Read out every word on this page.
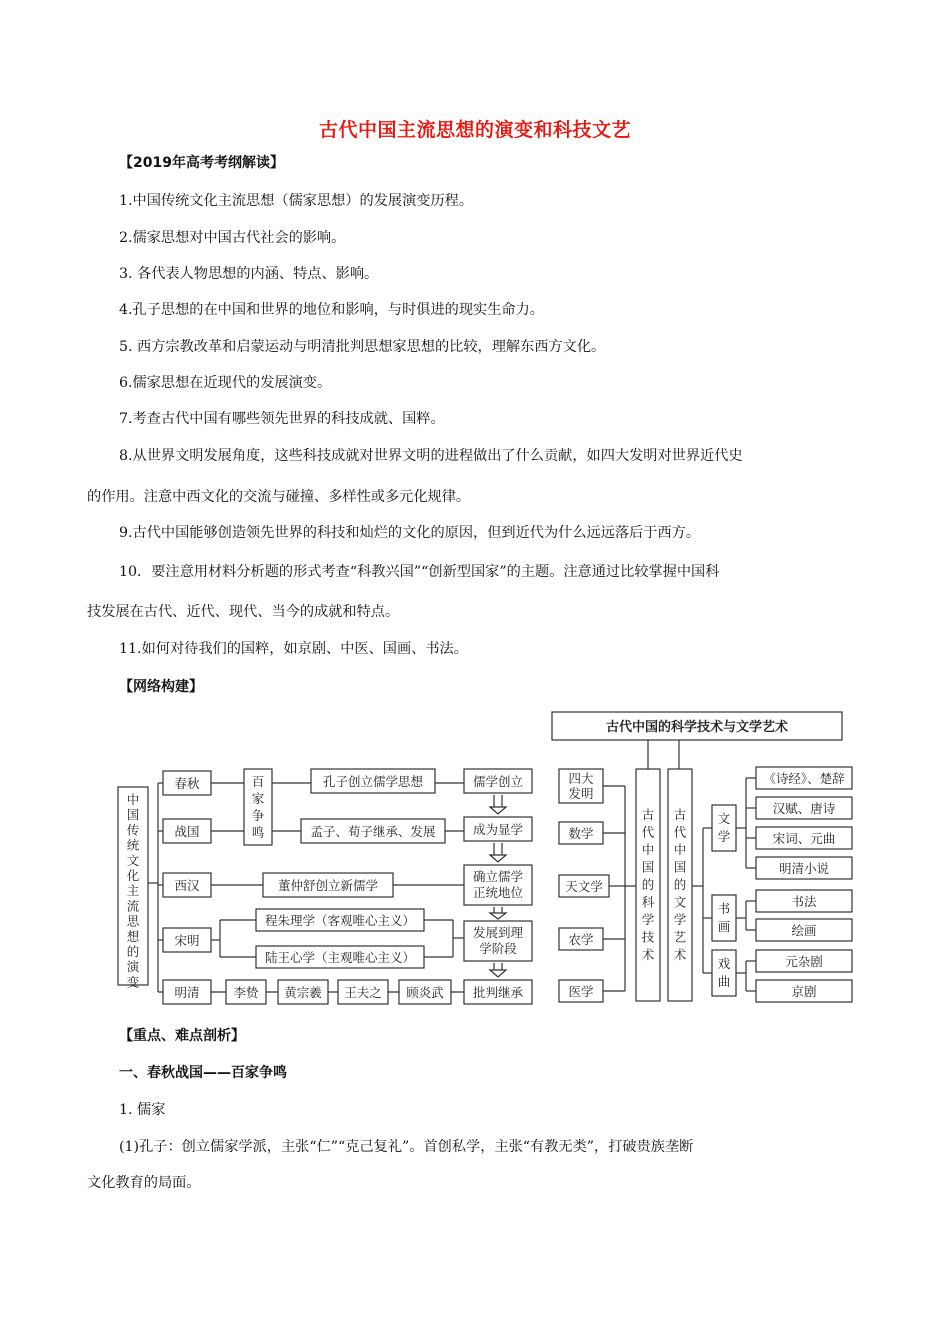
古代中国主流思想的演变和科技文艺
【2019年高考考纲解读】
1.中国传统文化主流思想（儒家思想）的发展演变历程。
2.儒家思想对中国古代社会的影响。
3. 各代表人物思想的内涵、特点、影响。
4.孔子思想的在中国和世界的地位和影响，与时俱进的现实生命力。
5. 西方宗教改革和启蒙运动与明清批判思想家思想的比较，理解东西方文化。
6.儒家思想在近现代的发展演变。
7.考查古代中国有哪些领先世界的科技成就、国粹。
8.从世界文明发展角度，这些科技成就对世界文明的进程做出了什么贡献，如四大发明对世界近代史
的作用。注意中西文化的交流与碰撞、多样性或多元化规律。
9.古代中国能够创造领先世界的科技和灿烂的文化的原因，但到近代为什么远远落后于西方。
10．要注意用材料分析题的形式考查“科教兴国”“创新型国家”的主题。注意通过比较掌握中国科
技发展在古代、近代、现代、当今的成就和特点。
11.如何对待我们的国粹，如京剧、中医、国画、书法。
【网络构建】
中国传统文化主流思想的演变
春秋
战国
西汉
宋明
明清
百家争鸣
孔子创立儒学思想
孟子、荀子继承、发展
董仲舒创立新儒学
程朱理学（客观唯心主义）
陆王心学（主观唯心主义）
李贽 黄宗羲 王夫之 顾炎武
儒学创立
成为显学
确立儒学正统地位
发展到理学阶段
批判继承
古代中国的科学技术与文学艺术
四大发明
数学
天文学
农学
医学
古代中国的科学技术
古代中国的文学艺术
文学
书画
戏曲
《诗经》、楚辞
汉赋、唐诗
宋词、元曲
明清小说
书法
绘画
元杂剧
京剧
【重点、难点剖析】
一、春秋战国——百家争鸣
1. 儒家
(1)孔子：创立儒家学派，主张“仁”“克己复礼”。首创私学，主张“有教无类”，打破贵族垄断
文化教育的局面。
